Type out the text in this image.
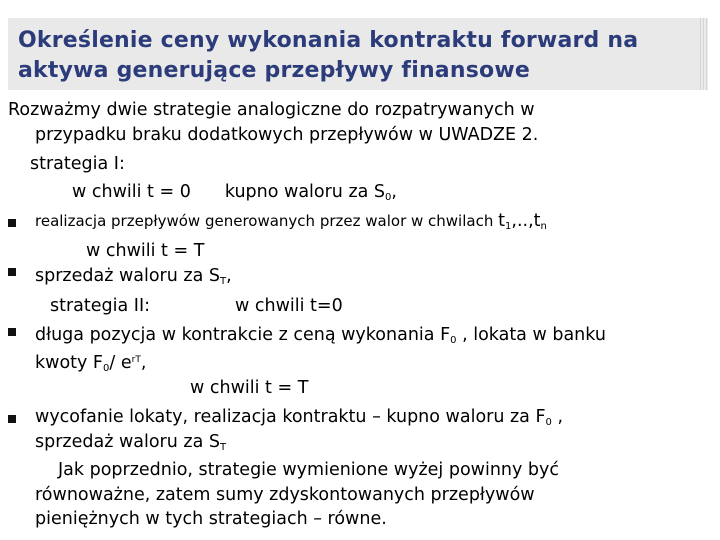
Określenie ceny wykonania kontraktu forward na
aktywa generujące przepływy finansowe
Rozważmy dwie strategie analogiczne do rozpatrywanych w
przypadku braku dodatkowych przepływów w UWADZE 2.
strategia I:
w chwili t = 0 kupno waloru za $S_0$,
realizacja przepływów generowanych przez walor w chwilach $t_1,..,t_n$
w chwili t = T
sprzedaż waloru za $S_T$,
strategia II:	w chwili t=0
długa pozycja w kontrakcie z ceną wykonania $F_0$ , lokata w banku
kwoty $F_0/$ $e^{rT}$,
w chwili t = T
wycofanie lokaty, realizacja kontraktu – kupno waloru za $F_0$ ,
sprzedaż waloru za $S_T$
Jak poprzednio, strategie wymienione wyżej powinny być
równoważne, zatem sumy zdyskontowanych przepływów
pieniężnych w tych strategiach – równe.
